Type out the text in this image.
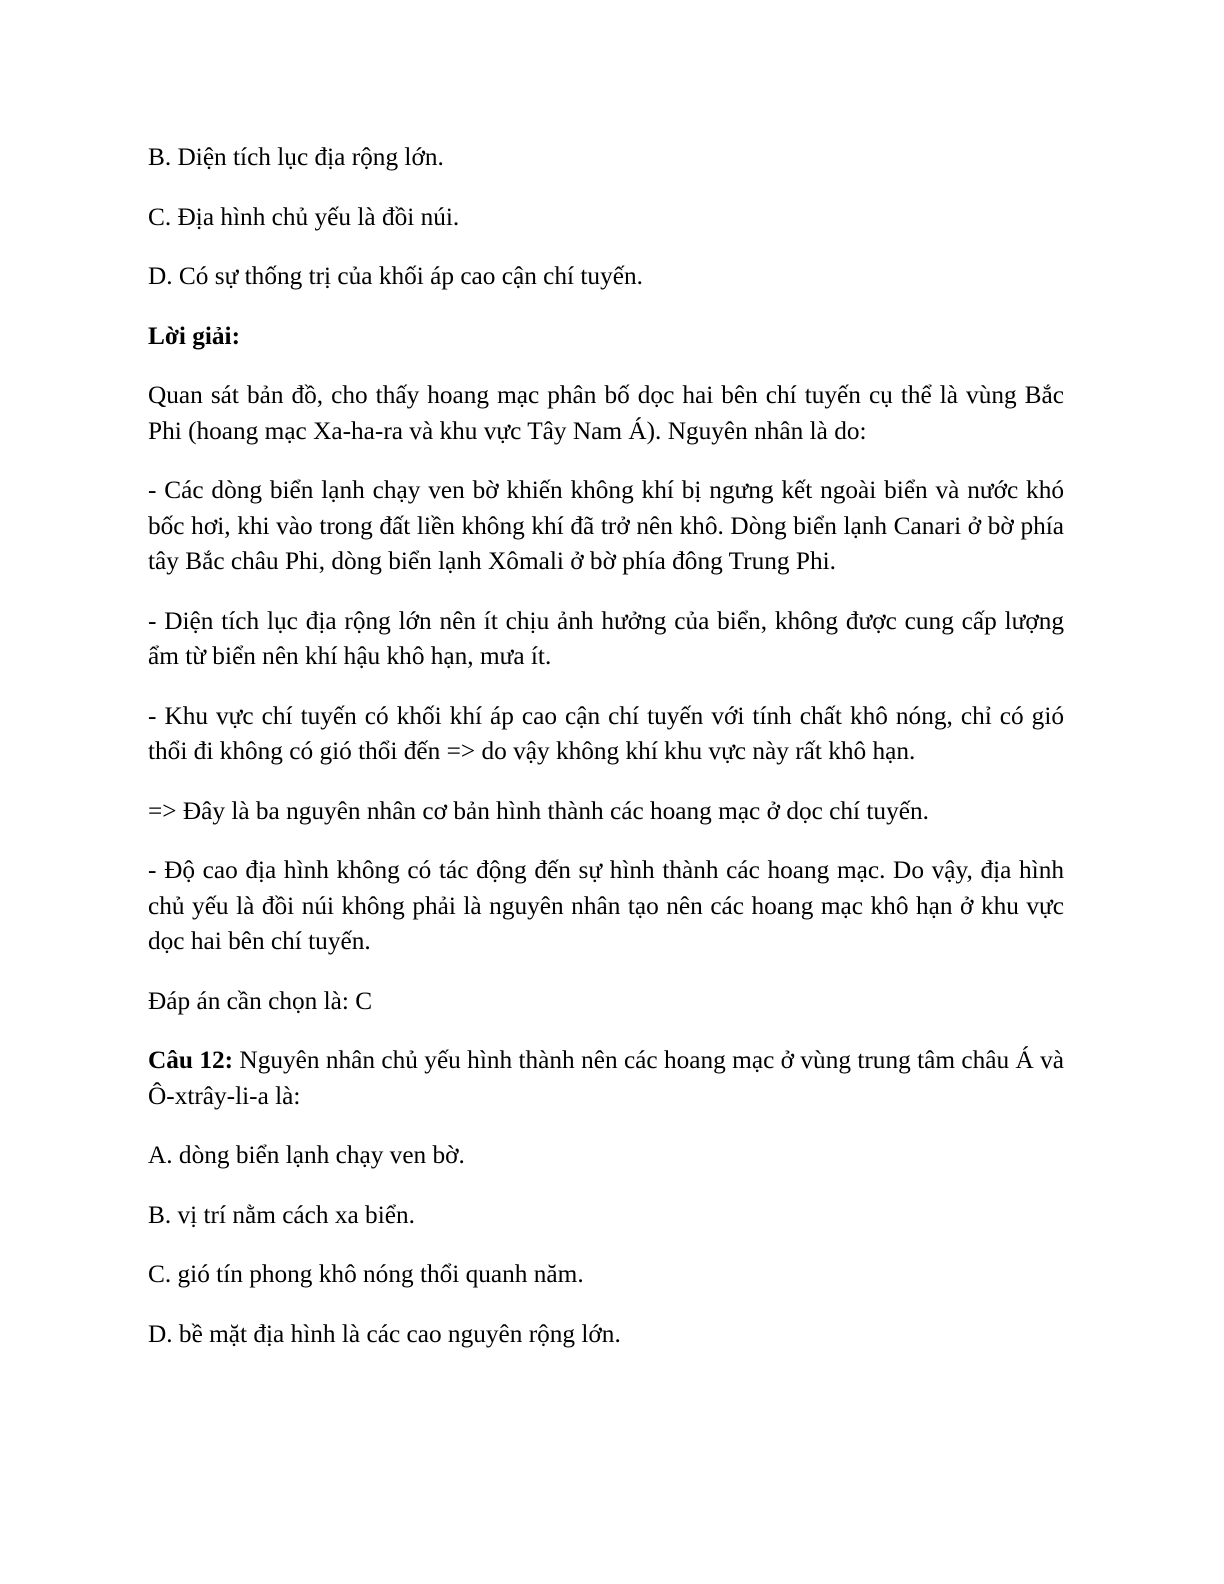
B. Diện tích lục địa rộng lớn.

C. Địa hình chủ yếu là đồi núi.

D. Có sự thống trị của khối áp cao cận chí tuyến.

Lời giải:

Quan sát bản đồ, cho thấy hoang mạc phân bố dọc hai bên chí tuyến cụ thể là vùng Bắc Phi (hoang mạc Xa-ha-ra và khu vực Tây Nam Á). Nguyên nhân là do:

- Các dòng biển lạnh chạy ven bờ khiến không khí bị ngưng kết ngoài biển và nước khó bốc hơi, khi vào trong đất liền không khí đã trở nên khô. Dòng biển lạnh Canari ở bờ phía tây Bắc châu Phi, dòng biển lạnh Xômali ở bờ phía đông Trung Phi.

- Diện tích lục địa rộng lớn nên ít chịu ảnh hưởng của biển, không được cung cấp lượng ẩm từ biển nên khí hậu khô hạn, mưa ít.

- Khu vực chí tuyến có khối khí áp cao cận chí tuyến với tính chất khô nóng, chỉ có gió thổi đi không có gió thổi đến => do vậy không khí khu vực này rất khô hạn.

=> Đây là ba nguyên nhân cơ bản hình thành các hoang mạc ở dọc chí tuyến.

- Độ cao địa hình không có tác động đến sự hình thành các hoang mạc. Do vậy, địa hình chủ yếu là đồi núi không phải là nguyên nhân tạo nên các hoang mạc khô hạn ở khu vực dọc hai bên chí tuyến.

Đáp án cần chọn là: C

Câu 12: Nguyên nhân chủ yếu hình thành nên các hoang mạc ở vùng trung tâm châu Á và Ô-xtrây-li-a là:

A. dòng biển lạnh chạy ven bờ.

B. vị trí nằm cách xa biển.

C. gió tín phong khô nóng thổi quanh năm.

D. bề mặt địa hình là các cao nguyên rộng lớn.
